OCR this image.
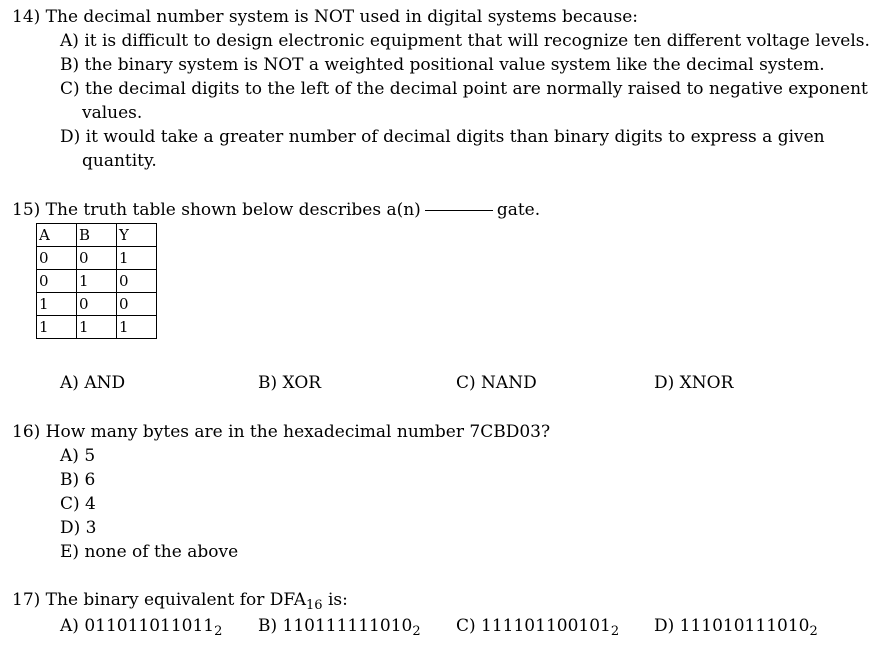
14) The decimal number system is NOT used in digital systems because:
A) it is difficult to design electronic equipment that will recognize ten different voltage levels.
B) the binary system is NOT a weighted positional value system like the decimal system.
C) the decimal digits to the left of the decimal point are normally raised to negative exponent
values.
D) it would take a greater number of decimal digits than binary digits to express a given
quantity.
15) The truth table shown below describes a(n)	gate.
A	B	Y
0	0	1
0	1	0
1	0	0
1	1	1
A) AND	B) XOR	C) NAND	D) XNOR
16) How many bytes are in the hexadecimal number 7CBD03?
A) 5
B) 6
C) 4
D) 3
E) none of the above
17) The binary equivalent for $DFA_{16}$ is:
A) $011011011011_2$ B) $110111111010_2$ C) $111101100101_2$ D) $111010111010_2$
